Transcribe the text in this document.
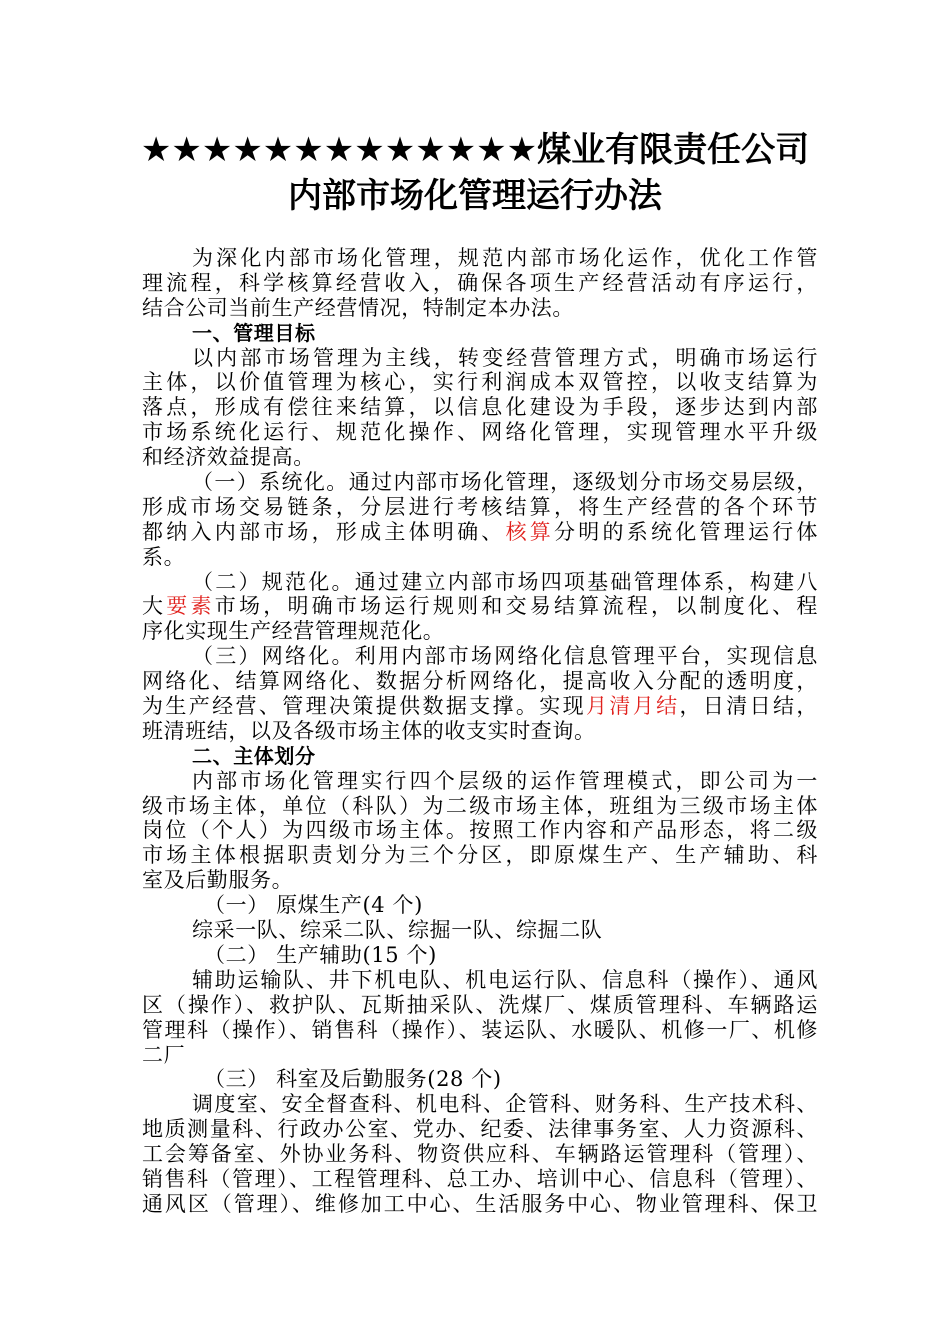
★★★★★★★★★★★★★煤业有限责任公司
内部市场化管理运行办法
为深化内部市场化管理，规范内部市场化运作，优化工作管
理流程，科学核算经营收入，确保各项生产经营活动有序运行，
结合公司当前生产经营情况，特制定本办法。
一、管理目标
以内部市场管理为主线，转变经营管理方式，明确市场运行
主体，以价值管理为核心，实行利润成本双管控，以收支结算为
落点，形成有偿往来结算，以信息化建设为手段，逐步达到内部
市场系统化运行、规范化操作、网络化管理，实现管理水平升级
和经济效益提高。
（一）系统化。通过内部市场化管理，逐级划分市场交易层级，
形成市场交易链条，分层进行考核结算，将生产经营的各个环节
都纳入内部市场，形成主体明确、核算分明的系统化管理运行体
系。
（二）规范化。通过建立内部市场四项基础管理体系，构建八
大要素市场，明确市场运行规则和交易结算流程，以制度化、程
序化实现生产经营管理规范化。
（三）网络化。利用内部市场网络化信息管理平台，实现信息
网络化、结算网络化、数据分析网络化，提高收入分配的透明度，
为生产经营、管理决策提供数据支撑。实现月清月结，日清日结，
班清班结，以及各级市场主体的收支实时查询。
二、主体划分
内部市场化管理实行四个层级的运作管理模式，即公司为一
级市场主体，单位（科队）为二级市场主体，班组为三级市场主体
岗位（个人）为四级市场主体。按照工作内容和产品形态，将二级
市场主体根据职责划分为三个分区，即原煤生产、生产辅助、科
室及后勤服务。
（一） 原煤生产(4 个)
综采一队、综采二队、综掘一队、综掘二队
（二） 生产辅助(15 个)
辅助运输队、井下机电队、机电运行队、信息科（操作）、通风
区（操作）、救护队、瓦斯抽采队、洗煤厂、煤质管理科、车辆路运
管理科（操作）、销售科（操作）、装运队、水暖队、机修一厂、机修
二厂
（三） 科室及后勤服务(28 个)
调度室、安全督查科、机电科、企管科、财务科、生产技术科、
地质测量科、行政办公室、党办、纪委、法律事务室、人力资源科、
工会筹备室、外协业务科、物资供应科、车辆路运管理科（管理）、
销售科（管理）、工程管理科、总工办、培训中心、信息科（管理）、
通风区（管理）、维修加工中心、生活服务中心、物业管理科、保卫
